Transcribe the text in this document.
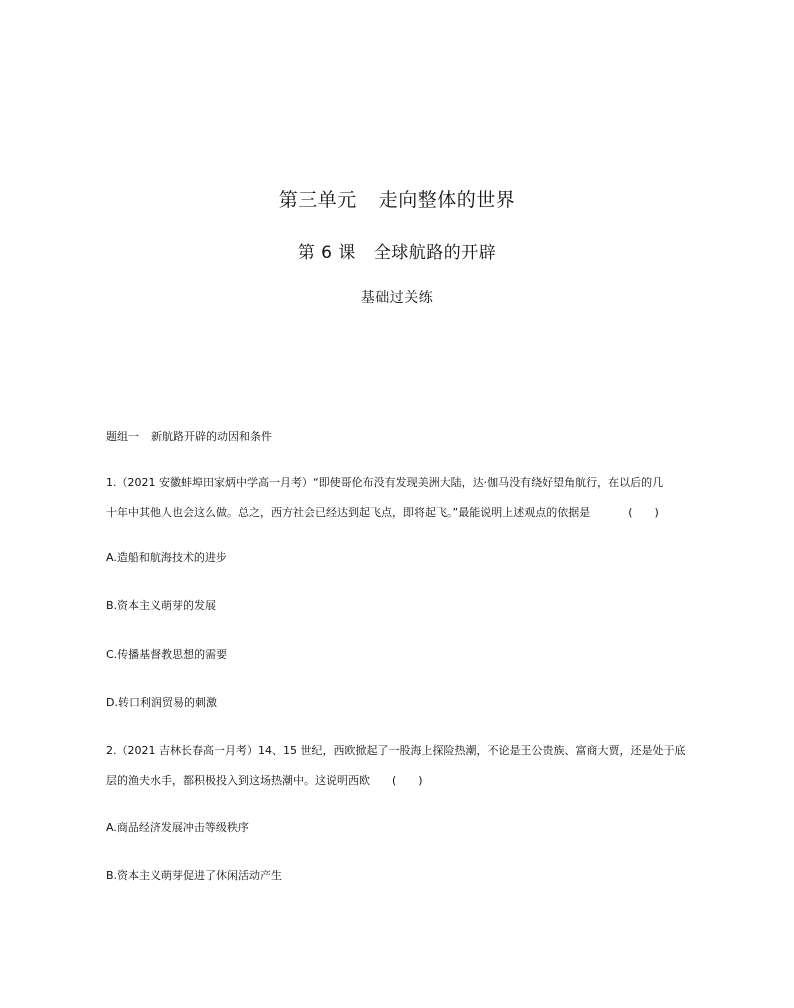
第三单元 走向整体的世界
第 6 课 全球航路的开辟
基础过关练
题组一 新航路开辟的动因和条件
1.（2021 安徽蚌埠田家炳中学高一月考）“即使哥伦布没有发现美洲大陆，达·伽马没有绕好望角航行，在以后的几
十年中其他人也会这么做。总之，西方社会已经达到起飞点，即将起飞。”最能说明上述观点的依据是	(　　)
A.造船和航海技术的进步
B.资本主义萌芽的发展
C.传播基督教思想的需要
D.转口利润贸易的刺激
2.（2021 吉林长春高一月考）14、15 世纪，西欧掀起了一股海上探险热潮，不论是王公贵族、富商大贾，还是处于底
层的渔夫水手，都积极投入到这场热潮中。这说明西欧 (　　)
A.商品经济发展冲击等级秩序
B.资本主义萌芽促进了休闲活动产生
